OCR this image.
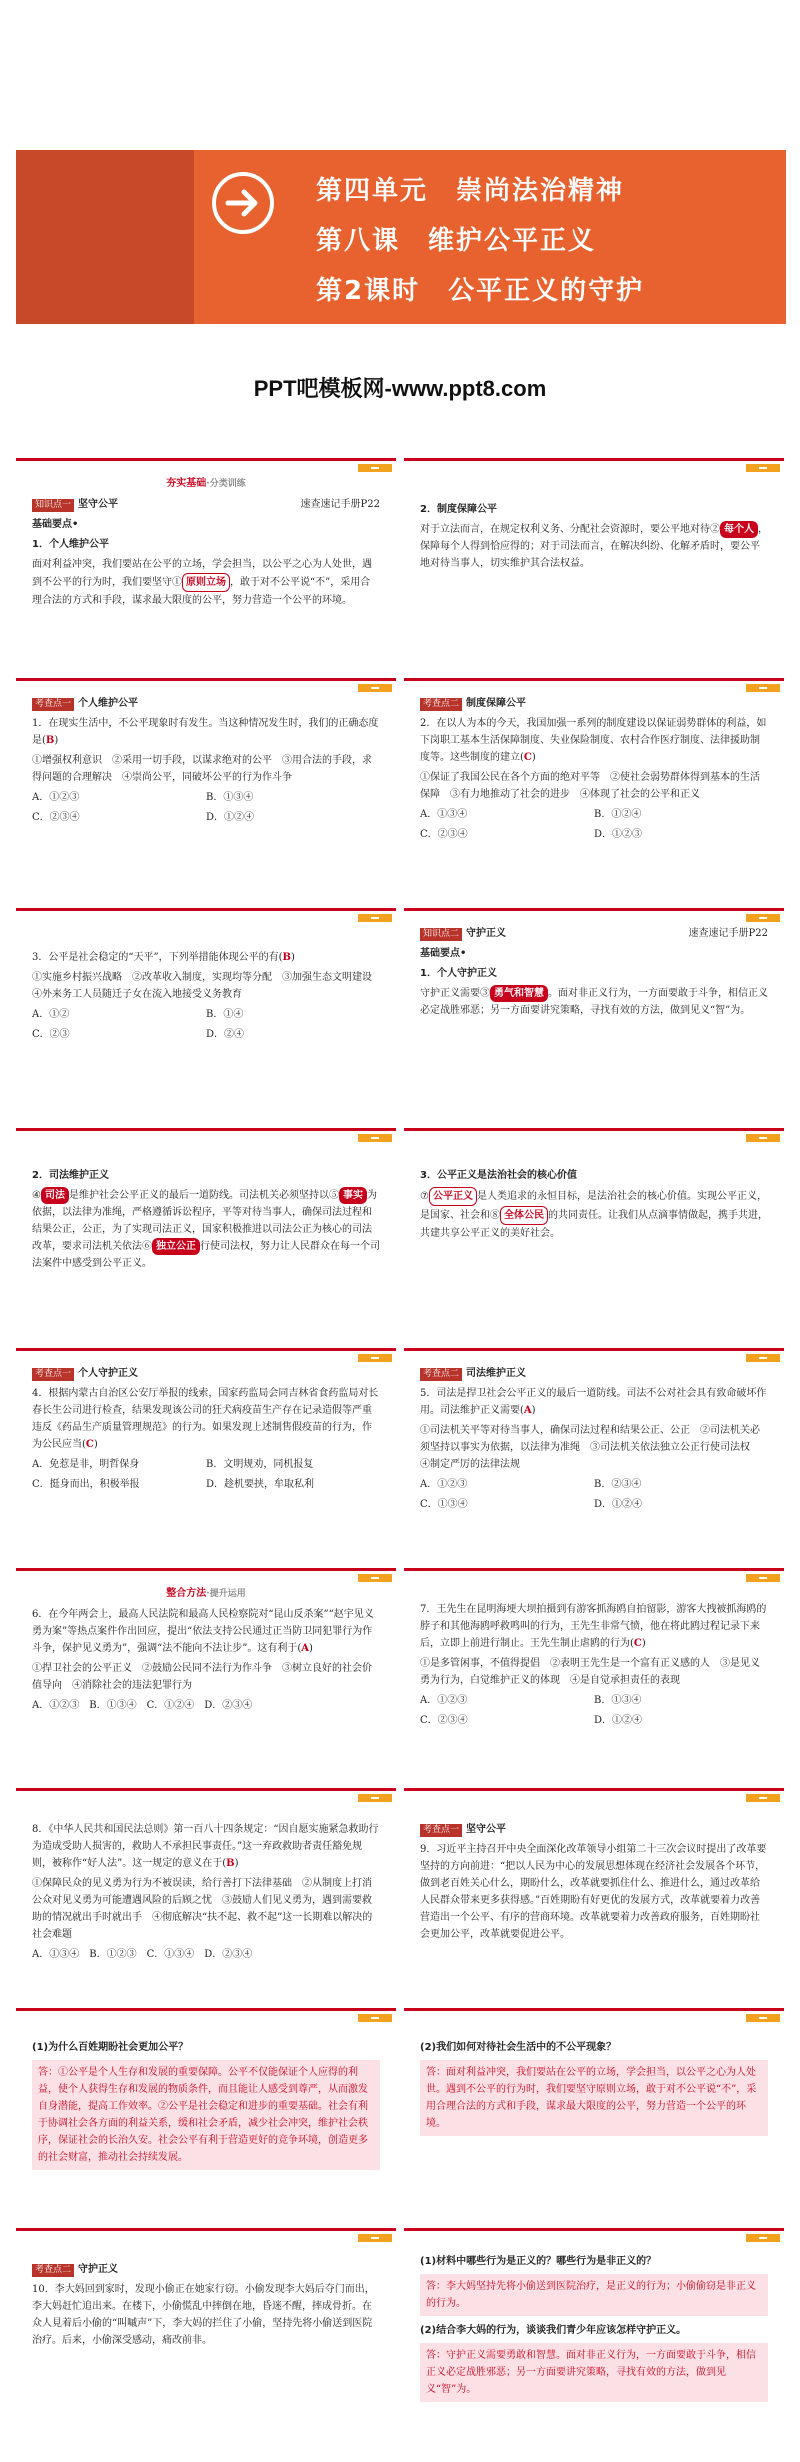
第四单元　崇尚法治精神
第八课　维护公平正义
第2课时　公平正义的守护
PPT吧模板网-www.ppt8.com

夯实基础·分类训练

知识点一 坚守公平	速查速记手册P22

基础要点•

1．个人维护公平

面对利益冲突，我们要站在公平的立场，学会担当，以公平之心为人处世，遇到不公平的行为时，我们要坚守① 原则立场 ，敢于对不公平说“不”，采用合理合法的方式和手段，谋求最大限度的公平，努力营造一个公平的环境。

2．制度保障公平

对于立法而言，在规定权利义务、分配社会资源时，要公平地对待② 每个人 ，保障每个人得到恰应得的；对于司法而言，在解决纠纷、化解矛盾时，要公平地对待当事人，切实维护其合法权益。

考查点一 个人维护公平

1．在现实生活中，不公平现象时有发生。当这种情况发生时，我们的正确态度是(B)

①增强权利意识　②采用一切手段，以谋求绝对的公平　③用合法的手段，求得问题的合理解决　④崇尚公平，同破坏公平的行为作斗争

A．①②③	B．①③④

C．②③④	D．①②④

考查点二 制度保障公平

2．在以人为本的今天，我国加强一系列的制度建设以保证弱势群体的利益，如下岗职工基本生活保障制度、失业保险制度、农村合作医疗制度、法律援助制度等。这些制度的建立(C)

①保证了我国公民在各个方面的绝对平等　②使社会弱势群体得到基本的生活保障　③有力地推动了社会的进步　④体现了社会的公平和正义

A．①③④	B．①②④

C．②③④	D．①②③

3．公平是社会稳定的“天平”，下列举措能体现公平的有(B)

①实施乡村振兴战略　②改革收入制度，实现均等分配　③加强生态文明建设　④外来务工人员随迁子女在流入地接受义务教育

A．①②	B．①④

C．②③	D．②④

知识点二 守护正义	速查速记手册P22

基础要点•

1．个人守护正义

守护正义需要③ 勇气和智慧 。面对非正义行为，一方面要敢于斗争，相信正义必定战胜邪恶；另一方面要讲究策略，寻找有效的方法，做到见义“智”为。

2．司法维护正义

④ 司法 是维护社会公平正义的最后一道防线。司法机关必须坚持以⑤ 事实 为依据，以法律为准绳，严格遵循诉讼程序，平等对待当事人，确保司法过程和结果公正，公正，为了实现司法正义，国家积极推进以司法公正为核心的司法改革，要求司法机关依法⑥ 独立公正 行使司法权，努力让人民群众在每一个司法案件中感受到公平正义。

3．公平正义是法治社会的核心价值

⑦ 公平正义 是人类追求的永恒目标，是法治社会的核心价值。实现公平正义，是国家、社会和⑧ 全体公民 的共同责任。让我们从点滴事情做起，携手共进，共建共享公平正义的美好社会。

考查点一 个人守护正义

4．根据内蒙古自治区公安厅举报的线索，国家药监局会同吉林省食药监局对长春长生公司进行检查，结果发现该公司的狂犬病疫苗生产存在记录造假等严重违反《药品生产质量管理规范》的行为。如果发现上述制售假疫苗的行为，作为公民应当(C)

A．免惹是非，明哲保身	B．文明规劝，同机报复

C．挺身而出，积极举报	D．趁机要挟，牟取私利

考查点二 司法维护正义

5．司法是捍卫社会公平正义的最后一道防线。司法不公对社会具有致命破坏作用。司法维护正义需要(A)

①司法机关平等对待当事人，确保司法过程和结果公正、公正　②司法机关必须坚持以事实为依据，以法律为准绳　③司法机关依法独立公正行使司法权　④制定严厉的法律法规

A．①②③	B．②③④

C．①③④	D．①②④

整合方法·提升运用

6．在今年两会上，最高人民法院和最高人民检察院对“昆山反杀案”“赵宇见义勇为案”等热点案件作出回应，提出“依法支持公民通过正当防卫同犯罪行为作斗争，保护见义勇为”，强调“法不能向不法让步”。这有利于(A)

①捍卫社会的公平正义　②鼓励公民同不法行为作斗争　③树立良好的社会价值导向　④消除社会的违法犯罪行为

A．①②③　B．①③④　C．①②④　D．②③④

7．王先生在昆明海埂大坝拍摄到有游客抓海鸥自拍留影，游客大拽被抓海鸥的脖子和其他海鸥呼救鸣叫的行为，王先生非常气愤，他在将此鸥过程记录下来后，立即上前进行制止。王先生制止虐鸥的行为(C)

①是多管闲事，不值得提倡　②表明王先生是一个富有正义感的人　③是见义勇为行为，白觉维护正义的体现　④是自觉承担责任的表现

A．①②③	B．①③④

C．②③④	D．①②④

8．《中华人民共和国民法总则》第一百八十四条规定：“因自愿实施紧急救助行为造成受助人损害的，救助人不承担民事责任。”这一弃政救助者责任豁免规则，被称作“好人法”。这一规定的意义在于(B)

①保障民众的见义勇为行为不被误读，给行善打下法律基础　②从制度上打消公众对见义勇为可能遭遇风险的后顾之忧　③鼓励人们见义勇为，遇到需要救助的情况就出手时就出手　④彻底解决“扶不起、救不起”这一长期难以解决的社会难题

A．①③④　B．①②③　C．①③④　D．②③④

考查点一 坚守公平

9．习近平主持召开中央全面深化改革领导小组第二十三次会议时提出了改革要坚持的方向前进：“把以人民为中心的发展思想体现在经济社会发展各个环节，做到老百姓关心什么，期盼什么，改革就要抓住什么、推进什么，通过改革给人民群众带来更多获得感。”百姓期盼有好更优的发展方式，改革就要着力改善营造出一个公平、有序的营商环境。改革就要着力改善政府服务，百姓期盼社会更加公平，改革就要促进公平。

(1)为什么百姓期盼社会更加公平？

答：①公平是个人生存和发展的重要保障。公平不仅能保证个人应得的利益，使个人获得生存和发展的物质条件，而且能让人感受到尊严，从而激发自身潜能，提高工作效率。②公平是社会稳定和进步的重要基础。社会有利于协调社会各方面的利益关系，缓和社会矛盾，减少社会冲突，维护社会秩序，保证社会的长治久安。社会公平有利于营造更好的竞争环境，创造更多的社会财富，推动社会持续发展。

(2)我们如何对待社会生活中的不公平现象？

答：面对利益冲突，我们要站在公平的立场，学会担当，以公平之心为人处世。遇到不公平的行为时，我们要坚守原则立场，敢于对不公平说“不”，采用合理合法的方式和手段，谋求最大限度的公平，努力营造一个公平的环境。

考查点二 守护正义

10．李大妈回到家时，发现小偷正在她家行窃。小偷发现李大妈后夺门而出，李大妈赶忙追出来。在楼下，小偷慌乱中摔倒在地，昏迷不醒，摔成骨折。在众人見着后小偷的“叫嘁声”下，李大妈的拦住了小偷，坚持先将小偷送到医院治疗。后来，小偷深受感动，痛改前非。

(1)材料中哪些行为是正义的？哪些行为是非正义的？

答：李大妈坚持先将小偷送到医院治疗，是正义的行为；小偷偷窃是非正义的行为。

(2)结合李大妈的行为，谈谈我们青少年应该怎样守护正义。

答：守护正义需要勇敢和智慧。面对非正义行为，一方面要敢于斗争，相信正义必定战胜邪恶；另一方面要讲究策略，寻找有效的方法，做到见义“智”为。
